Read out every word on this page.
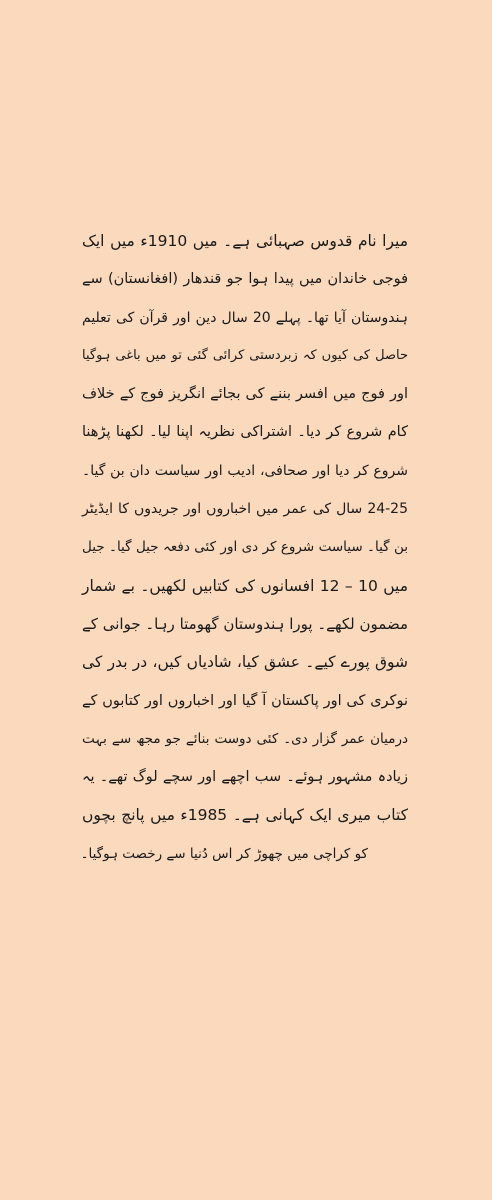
میرا نام قدوس صہبائی ہے۔ میں 1910ء میں ایک
فوجی خاندان میں پیدا ہوا جو قندھار (افغانستان) سے
ہندوستان آیا تھا۔ پہلے 20 سال دین اور قرآن کی تعلیم
حاصل کی کیوں کہ زبردستی کرائی گئی تو میں باغی ہوگیا
اور فوج میں افسر بننے کی بجائے انگریز فوج کے خلاف
کام شروع کر دیا۔ اشتراکی نظریہ اپنا لیا۔ لکھنا پڑھنا
شروع کر دیا اور صحافی، ادیب اور سیاست دان بن گیا۔
24-25 سال کی عمر میں اخباروں اور جریدوں کا ایڈیٹر
بن گیا۔ سیاست شروع کر دی اور کئی دفعہ جیل گیا۔ جیل
میں 10 – 12 افسانوں کی کتابیں لکھیں۔ بے شمار
مضمون لکھے۔ پورا ہندوستان گھومتا رہا۔ جوانی کے
شوق پورے کیے۔ عشق کیا، شادیاں کیں، در بدر کی
نوکری کی اور پاکستان آ گیا اور اخباروں اور کتابوں کے
درمیان عمر گزار دی۔ کئی دوست بنائے جو مجھ سے بہت
زیادہ مشہور ہوئے۔ سب اچھے اور سچے لوگ تھے۔ یہ
کتاب میری ایک کہانی ہے۔ 1985ء میں پانچ بچوں
کو کراچی میں چھوڑ کر اس دُنیا سے رخصت ہوگیا۔
